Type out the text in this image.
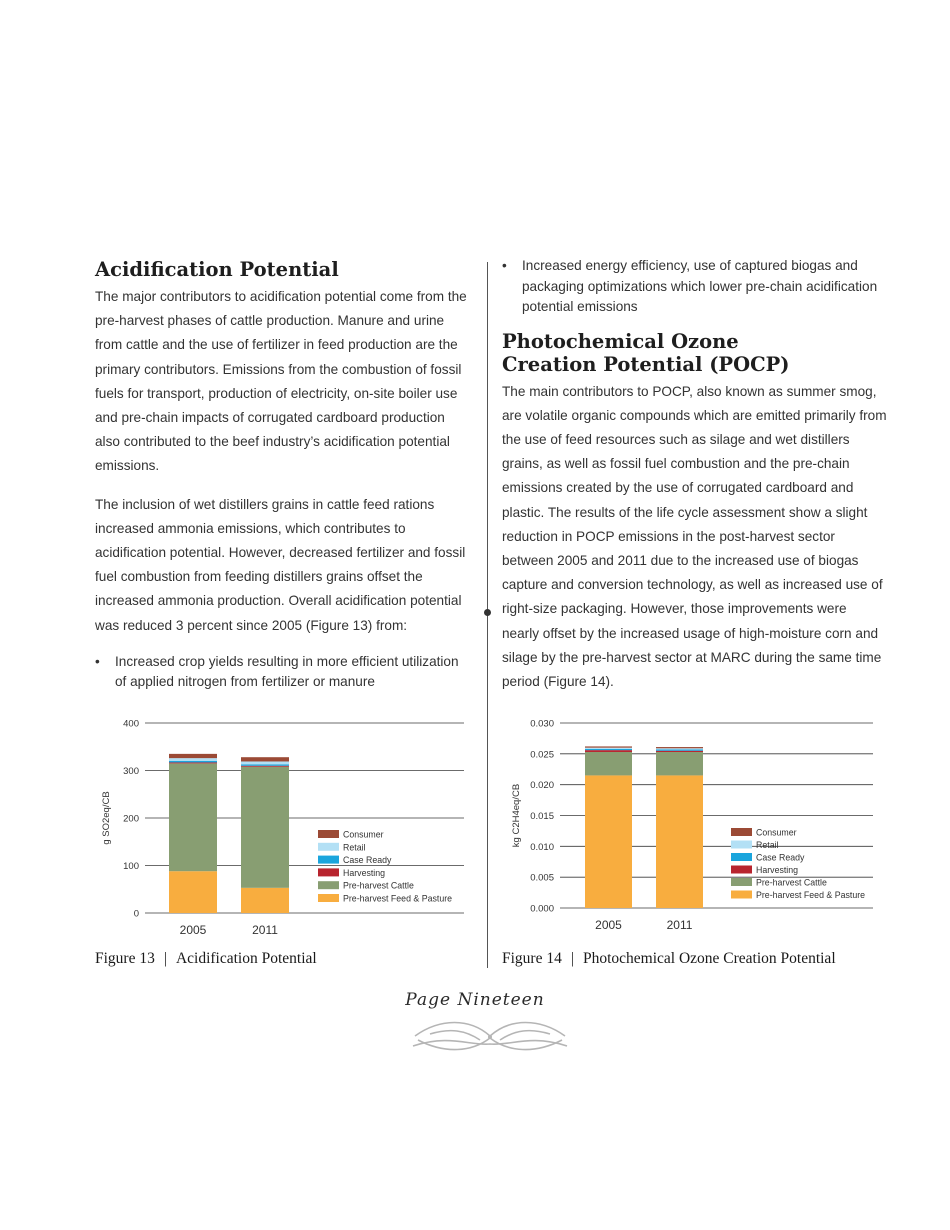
Acidification Potential

The major contributors to acidification potential come from the pre-harvest phases of cattle production. Manure and urine from cattle and the use of fertilizer in feed production are the primary contributors. Emissions from the combustion of fossil fuels for transport, production of electricity, on-site boiler use and pre-chain impacts of corrugated cardboard production also contributed to the beef industry’s acidification potential emissions.

The inclusion of wet distillers grains in cattle feed rations increased ammonia emissions, which contributes to acidification potential. However, decreased fertilizer and fossil fuel combustion from feeding distillers grains offset the increased ammonia production. Overall acidification potential was reduced 3 percent since 2005 (Figure 13) from:

• Increased crop yields resulting in more efficient utilization of applied nitrogen from fertilizer or manure
• Increased energy efficiency, use of captured biogas and packaging optimizations which lower pre-chain acidification potential emissions
Photochemical Ozone
Creation Potential (POCP)

The main contributors to POCP, also known as summer smog, are volatile organic compounds which are emitted primarily from the use of feed resources such as silage and wet distillers grains, as well as fossil fuel combustion and the pre-chain emissions created by the use of corrugated cardboard and plastic. The results of the life cycle assessment show a slight reduction in POCP emissions in the post-harvest sector between 2005 and 2011 due to the increased use of biogas capture and conversion technology, as well as increased use of right-size packaging. However, those improvements were nearly offset by the increased usage of high-moisture corn and silage by the pre-harvest sector at MARC during the same time period (Figure 14).

0
100
200
300
400
g SO2eq/CB
2005	2011
Consumer
Retail
Case Ready
Harvesting
Pre-harvest Cattle
Pre-harvest Feed & Pasture
Figure 13 | Acidification Potential
0.000
0.005
0.010
0.015
0.020
0.025
0.030
kg C2H4eq/CB
2005	2011
Consumer
Retail
Case Ready
Harvesting
Pre-harvest Cattle
Pre-harvest Feed & Pasture
Figure 14 | Photochemical Ozone Creation Potential
Page Nineteen
